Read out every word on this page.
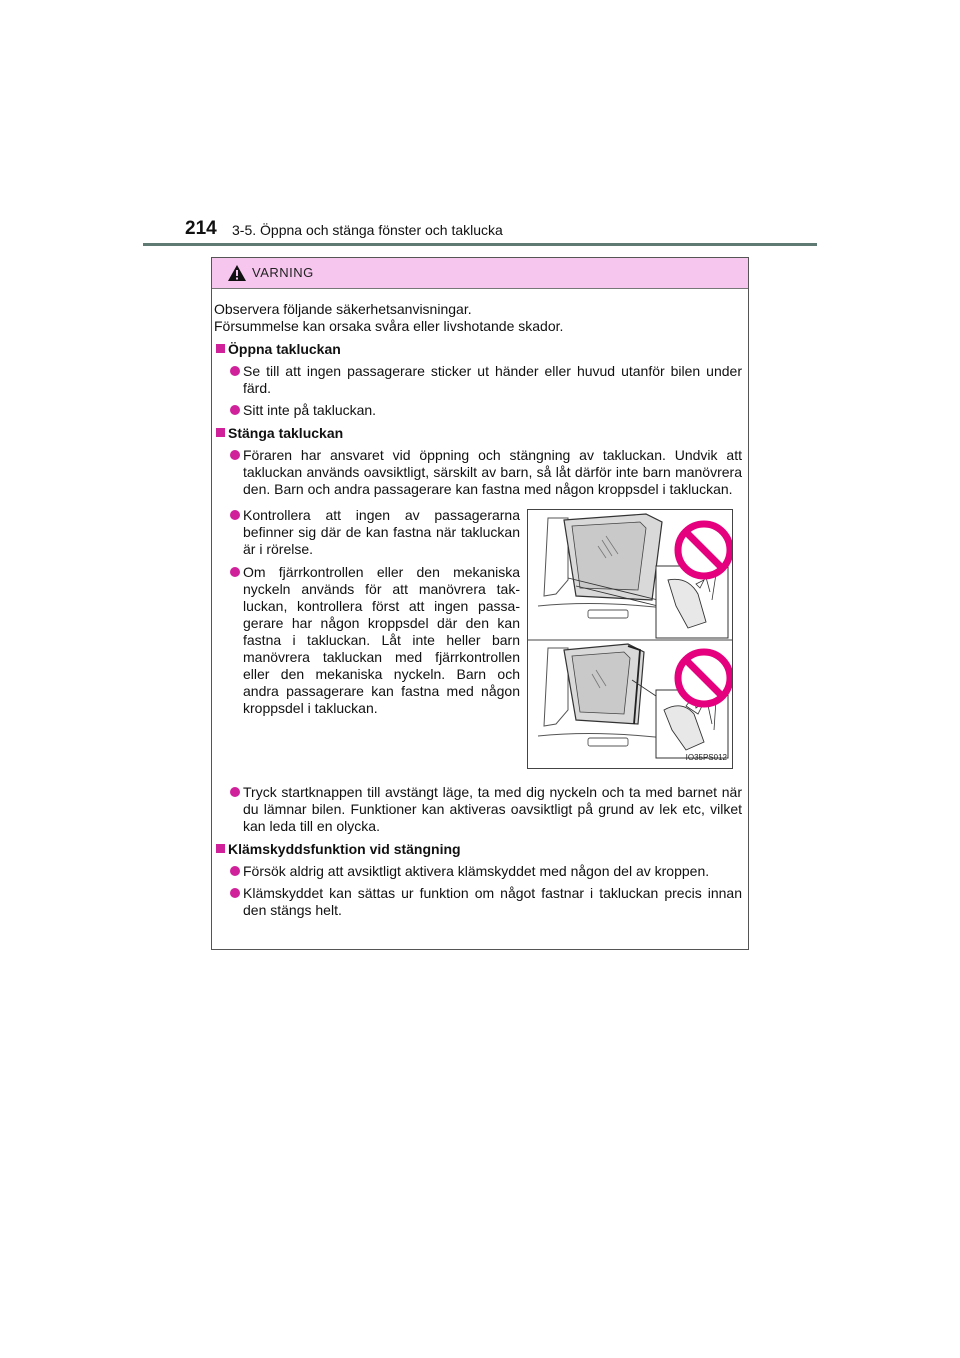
214 3-5. Öppna och stänga fönster och taklucka
VARNING

Observera följande säkerhetsanvisningar.

Försummelse kan orsaka svåra eller livshotande skador.

Öppna takluckan
Se till att ingen passagerare sticker ut händer eller huvud utanför bilen under färd.
Sitt inte på takluckan.
Stänga takluckan
Föraren har ansvaret vid öppning och stängning av takluckan. Undvik att takluckan används oavsiktligt, särskilt av barn, så låt därför inte barn manövrera den. Barn och andra passagerare kan fastna med någon kroppsdel i takluckan.
Kontrollera att ingen av passagerarna befinner sig där de kan fastna när takluckan är i rörelse.
Om fjärrkontrollen eller den mekaniska nyckeln används för att manövrera takluckan, kontrollera först att ingen passagerare har någon kroppsdel där den kan fastna i takluckan. Låt inte heller barn manövrera takluckan med fjärrkontrollen eller den mekaniska nyckeln. Barn och andra passagerare kan fastna med någon kroppsdel i takluckan.
IO35PS012
Tryck startknappen till avstängt läge, ta med dig nyckeln och ta med barnet när du lämnar bilen. Funktioner kan aktiveras oavsiktligt på grund av lek etc, vilket kan leda till en olycka.
Klämskyddsfunktion vid stängning
Försök aldrig att avsiktligt aktivera klämskyddet med någon del av kroppen.
Klämskyddet kan sättas ur funktion om något fastnar i takluckan precis innan den stängs helt.
